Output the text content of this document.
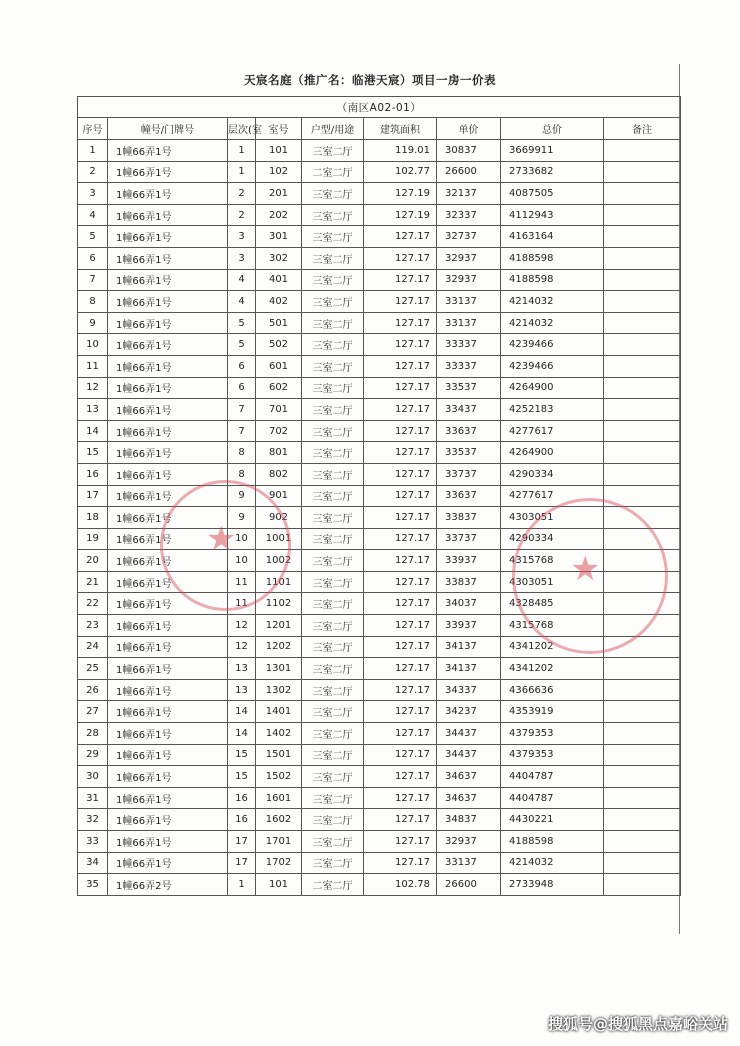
天宸名庭（推广名：临港天宸）项目一房一价表
（南区A02-01）								
序号	幢号/门牌号	层次(室	室号	户型/用途	建筑面积	单价	总价	备注
1	1幢66弄1号	1	101	三室二厅	119.01	30837	3669911	
2	1幢66弄1号	1	102	二室二厅	102.77	26600	2733682	
3	1幢66弄1号	2	201	三室二厅	127.19	32137	4087505	
4	1幢66弄1号	2	202	三室二厅	127.19	32337	4112943	
5	1幢66弄1号	3	301	三室二厅	127.17	32737	4163164	
6	1幢66弄1号	3	302	三室二厅	127.17	32937	4188598	
7	1幢66弄1号	4	401	三室二厅	127.17	32937	4188598	
8	1幢66弄1号	4	402	三室二厅	127.17	33137	4214032	
9	1幢66弄1号	5	501	三室二厅	127.17	33137	4214032	
10	1幢66弄1号	5	502	三室二厅	127.17	33337	4239466	
11	1幢66弄1号	6	601	三室二厅	127.17	33337	4239466	
12	1幢66弄1号	6	602	三室二厅	127.17	33537	4264900	
13	1幢66弄1号	7	701	三室二厅	127.17	33437	4252183	
14	1幢66弄1号	7	702	三室二厅	127.17	33637	4277617	
15	1幢66弄1号	8	801	三室二厅	127.17	33537	4264900	
16	1幢66弄1号	8	802	三室二厅	127.17	33737	4290334	
17	1幢66弄1号	9	901	三室二厅	127.17	33637	4277617	
18	1幢66弄1号	9	902	三室二厅	127.17	33837	4303051	
19	1幢66弄1号	10	1001	三室二厅	127.17	33737	4290334	
20	1幢66弄1号	10	1002	三室二厅	127.17	33937	4315768	
21	1幢66弄1号	11	1101	三室二厅	127.17	33837	4303051	
22	1幢66弄1号	11	1102	三室二厅	127.17	34037	4328485	
23	1幢66弄1号	12	1201	三室二厅	127.17	33937	4315768	
24	1幢66弄1号	12	1202	三室二厅	127.17	34137	4341202	
25	1幢66弄1号	13	1301	三室二厅	127.17	34137	4341202	
26	1幢66弄1号	13	1302	三室二厅	127.17	34337	4366636	
27	1幢66弄1号	14	1401	三室二厅	127.17	34237	4353919	
28	1幢66弄1号	14	1402	三室二厅	127.17	34437	4379353	
29	1幢66弄1号	15	1501	三室二厅	127.17	34437	4379353	
30	1幢66弄1号	15	1502	三室二厅	127.17	34637	4404787	
31	1幢66弄1号	16	1601	三室二厅	127.17	34637	4404787	
32	1幢66弄1号	16	1602	三室二厅	127.17	34837	4430221	
33	1幢66弄1号	17	1701	三室二厅	127.17	32937	4188598	
34	1幢66弄1号	17	1702	三室二厅	127.17	33137	4214032	
35	1幢66弄2号	1	101	二室二厅	102.78	26600	2733948	
★
★
搜狐号@搜狐黑点嘉峪关站
